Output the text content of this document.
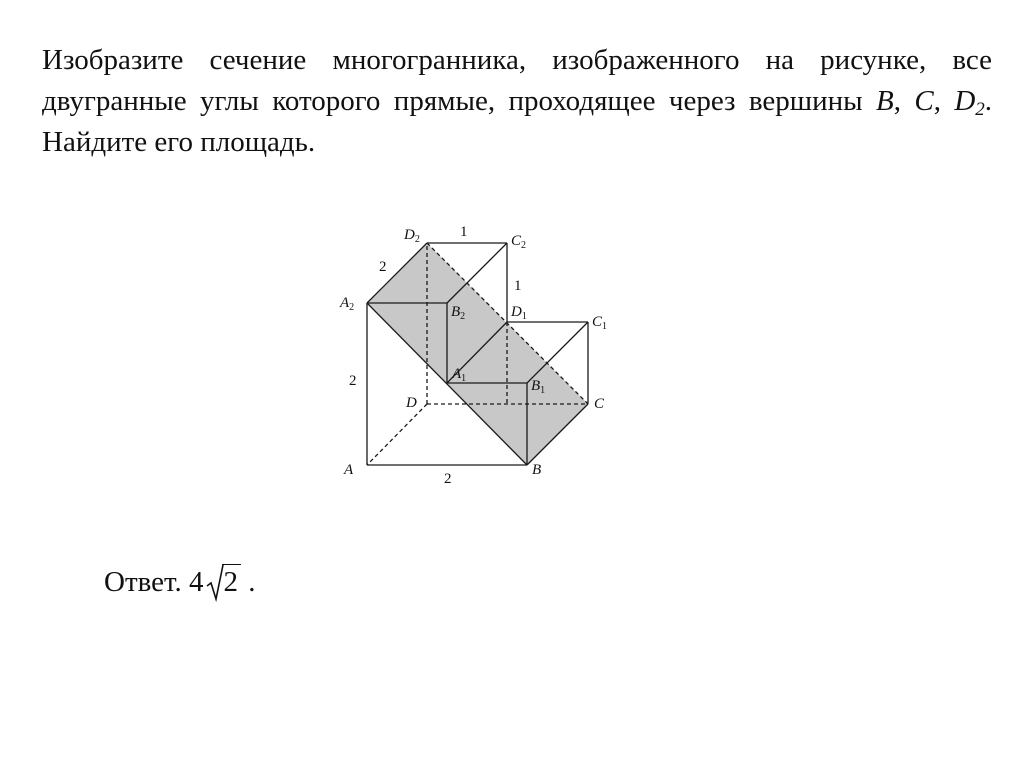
Изобразите сечение многогранника, изображенного на рисунке, все двугранные углы которого прямые, проходящее через вершины B, C, $D_2$. Найдите его площадь.

A	B
C
D
$A_1$	$B_1$
$C_1$
$D_1$
$A_2$	$B_2$
$C_2$
$D_2$	1
2
1
2
2
Ответ. 4 2 .
